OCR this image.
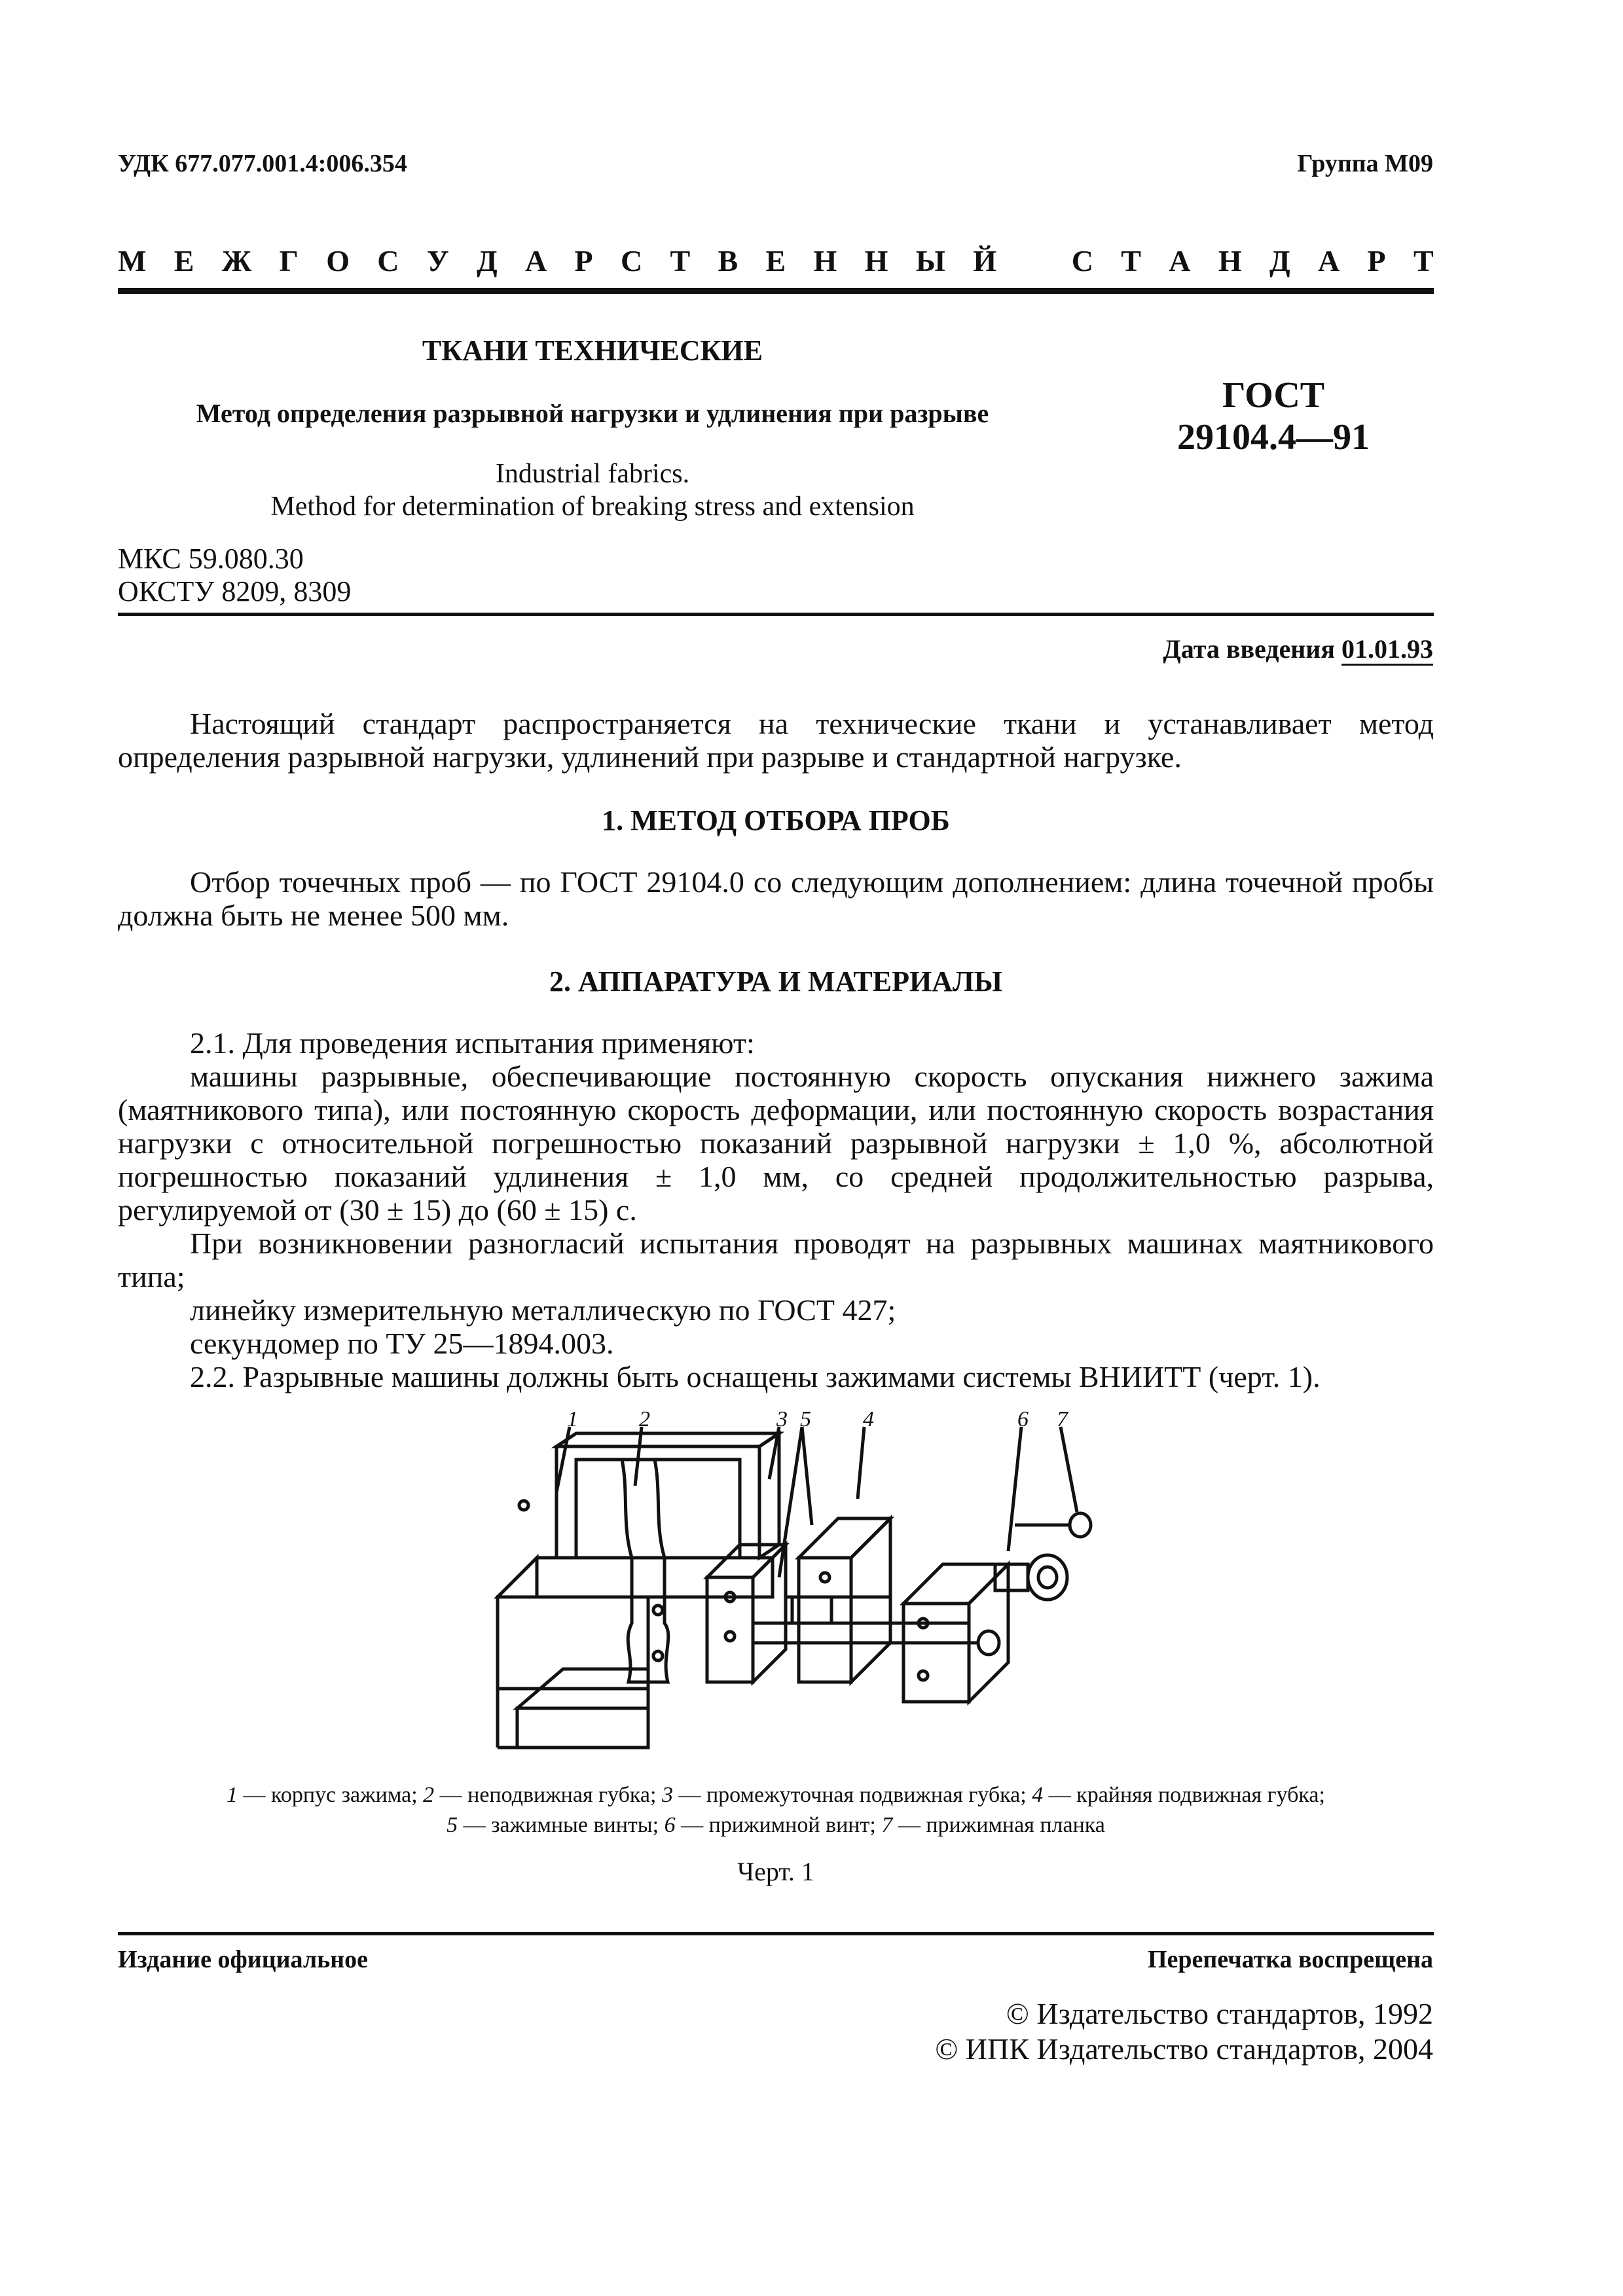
УДК 677.077.001.4:006.354	Группа М09
М Е Ж Г О С У Д А Р С Т В Е Н Н Ы Й С Т А Н Д А Р Т
ТКАНИ ТЕХНИЧЕСКИЕ
Метод определения разрывной нагрузки и удлинения при разрыве
Industrial fabrics.
Method for determination of breaking stress and extension
ГОСТ
29104.4—91
МКС 59.080.30
ОКСТУ 8209, 8309
Дата введения 01.01.93
Настоящий стандарт распространяется на технические ткани и устанавливает метод определения разрывной нагрузки, удлинений при разрыве и стандартной нагрузке.
1. МЕТОД ОТБОРА ПРОБ
Отбор точечных проб — по ГОСТ 29104.0 со следующим дополнением: длина точечной пробы должна быть не менее 500 мм.
2. АППАРАТУРА И МАТЕРИАЛЫ
2.1. Для проведения испытания применяют:
машины разрывные, обеспечивающие постоянную скорость опускания нижнего зажима (маятникового типа), или постоянную скорость деформации, или постоянную скорость возрастания нагрузки с относительной погрешностью показаний разрывной нагрузки ± 1,0 %, абсолютной погрешностью показаний удлинения ± 1,0 мм, со средней продолжительностью разрыва, регулируемой от (30 ± 15) до (60 ± 15) с.
При возникновении разногласий испытания проводят на разрывных машинах маятникового типа;
линейку измерительную металлическую по ГОСТ 427;
секундомер по ТУ 25—1894.003.
2.2. Разрывные машины должны быть оснащены зажимами системы ВНИИТТ (черт. 1).
1	2	3 5 4	6 7
1 — корпус зажима; 2 — неподвижная губка; 3 — промежуточная подвижная губка; 4 — крайняя подвижная губка;
5 — зажимные винты; 6 — прижимной винт; 7 — прижимная планка
Черт. 1
Издание официальное	Перепечатка воспрещена
© Издательство стандартов, 1992
© ИПК Издательство стандартов, 2004
